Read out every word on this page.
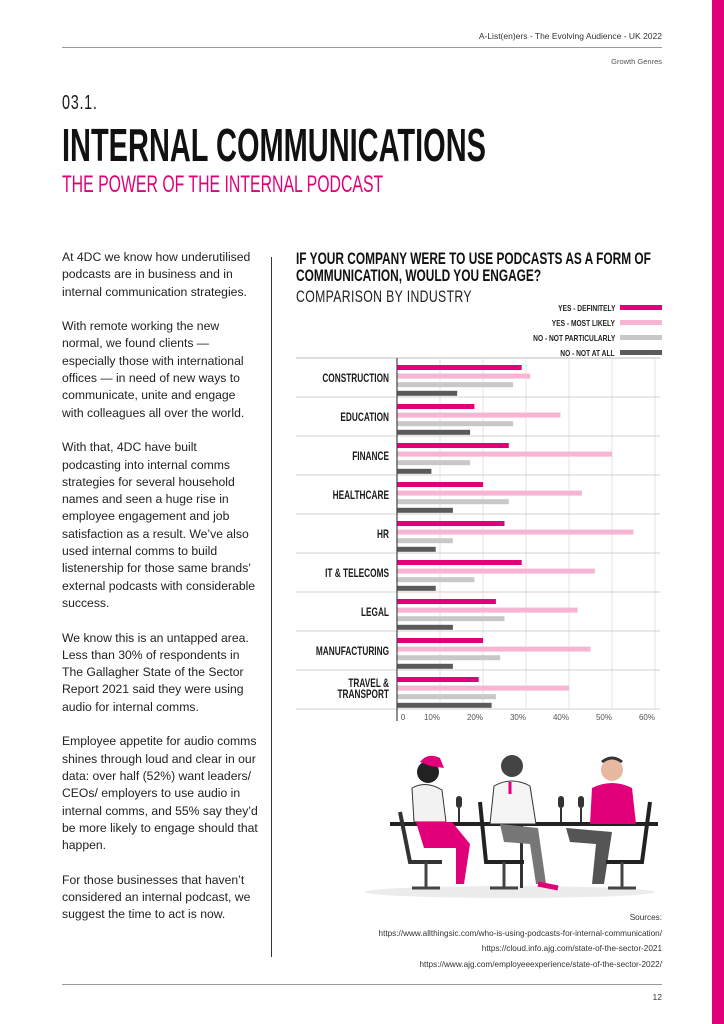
A-List(en)ers - The Evolving Audience - UK 2022
Growth Genres
03.1.
INTERNAL COMMUNICATIONS
THE POWER OF THE INTERNAL PODCAST

At 4DC we know how underutilised podcasts are in business and in internal communication strategies.

With remote working the new normal, we found clients — especially those with international offices — in need of new ways to communicate, unite and engage with colleagues all over the world.

With that, 4DC have built podcasting into internal comms strategies for several household names and seen a huge rise in employee engagement and job satisfaction as a result. We’ve also used internal comms to build listenership for those same brands’ external podcasts with considerable success.

We know this is an untapped area. Less than 30% of respondents in The Gallagher State of the Sector Report 2021 said they were using audio for internal comms.

Employee appetite for audio comms shines through loud and clear in our data: over half (52%) want leaders/ CEOs/ employers to use audio in internal comms, and 55% say they’d be more likely to engage should that happen.

For those businesses that haven’t considered an internal podcast, we suggest the time to act is now.

IF YOUR COMPANY WERE TO USE PODCASTS AS A FORM OF
COMMUNICATION, WOULD YOU ENGAGE?
COMPARISON BY INDUSTRY
YES - DEFINITELY
YES - MOST LIKELY
NO - NOT PARTICULARLY
NO - NOT AT ALL
CONSTRUCTION
EDUCATION
FINANCE
HEALTHCARE
HR
IT & TELECOMS
LEGAL
MANUFACTURING
TRAVEL &
TRANSPORT
0 10%	20%	30%	40%	50%	60%
Sources:
https://www.allthingsic.com/who-is-using-podcasts-for-internal-communication/
https://cloud.info.ajg.com/state-of-the-sector-2021
https://www.ajg.com/employeeexperience/state-of-the-sector-2022/
12
